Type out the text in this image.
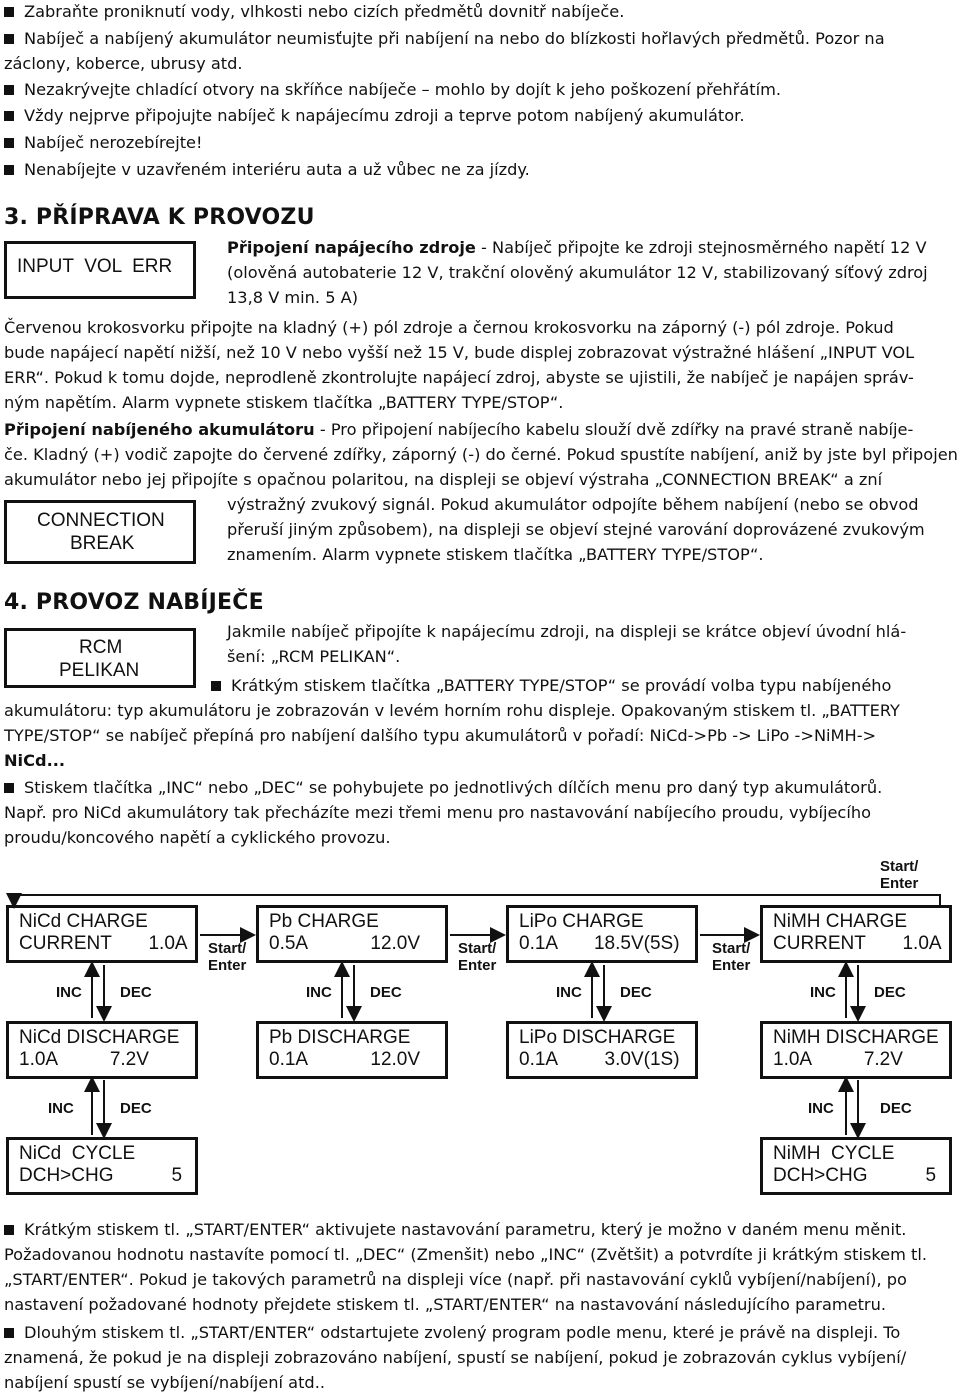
Zabraňte proniknutí vody, vlhkosti nebo cizích předmětů dovnitř nabíječe.
Nabíječ a nabíjený akumulátor neumisťujte při nabíjení na nebo do blízkosti hořlavých předmětů. Pozor na
záclony, koberce, ubrusy atd.
Nezakrývejte chladící otvory na skříňce nabíječe – mohlo by dojít k jeho poškození přehřátím.
Vždy nejprve připojujte nabíječ k napájecímu zdroji a teprve potom nabíjený akumulátor.
Nabíječ nerozebírejte!
Nenabíjejte v uzavřeném interiéru auta a už vůbec ne za jízdy.
3. PŘÍPRAVA K PROVOZU
INPUT  VOL  ERR
Připojení napájecího zdroje - Nabíječ připojte ke zdroji stejnosměrného napětí 12 V
(olověná autobaterie 12 V, trakční olověný akumulátor 12 V, stabilizovaný síťový zdroj
13,8 V min. 5 A)
Červenou krokosvorku připojte na kladný (+) pól zdroje a černou krokosvorku na záporný (-) pól zdroje. Pokud
bude napájecí napětí nižší, než 10 V nebo vyšší než 15 V, bude displej zobrazovat výstražné hlášení „INPUT VOL
ERR“. Pokud k tomu dojde, neprodleně zkontrolujte napájecí zdroj, abyste se ujistili, že nabíječ je napájen správ-
ným napětím. Alarm vypnete stiskem tlačítka „BATTERY TYPE/STOP“.
Připojení nabíjeného akumulátoru - Pro připojení nabíjecího kabelu slouží dvě zdířky na pravé straně nabíje-
če. Kladný (+) vodič zapojte do červené zdířky, záporný (-) do černé. Pokud spustíte nabíjení, aniž by jste byl připojen
akumulátor nebo jej připojíte s opačnou polaritou, na displeji se objeví výstraha „CONNECTION BREAK“ a zní
výstražný zvukový signál. Pokud akumulátor odpojíte během nabíjení (nebo se obvod
přeruší jiným způsobem), na displeji se objeví stejné varování doprovázené zvukovým
znamením. Alarm vypnete stiskem tlačítka „BATTERY TYPE/STOP“.
CONNECTION
BREAK
4. PROVOZ NABÍJEČE
RCM
PELIKAN
Jakmile nabíječ připojíte k napájecímu zdroji, na displeji se krátce objeví úvodní hlá-
šení: „RCM PELIKAN“.
Krátkým stiskem tlačítka „BATTERY TYPE/STOP“ se provádí volba typu nabíjeného
akumulátoru: typ akumulátoru je zobrazován v levém horním rohu displeje. Opakovaným stiskem tl. „BATTERY
TYPE/STOP“ se nabíječ přepíná pro nabíjení dalšího typu akumulátorů v pořadí: NiCd->Pb -> LiPo ->NiMH->
NiCd...
Stiskem tlačítka „INC“ nebo „DEC“ se pohybujete po jednotlivých dílčích menu pro daný typ akumulátorů.
Např. pro NiCd akumulátory tak přecházíte mezi třemi menu pro nastavování nabíjecího proudu, vybíjecího
proudu/koncového napětí a cyklického provozu.
Start/
Enter
NiCd CHARGE
CURRENT       1.0A Start/
Enter
Pb CHARGE
0.5A            12.0V	Start/
Enter
LiPo CHARGE
0.1A       18.5V(5S) Start/
Enter
NiMH CHARGE
CURRENT       1.0A
INC	DEC	INC	DEC	INC	DEC	INC	DEC
NiCd DISCHARGE
1.0A          7.2V
Pb DISCHARGE
0.1A            12.0V
LiPo DISCHARGE
0.1A         3.0V(1S)
NiMH DISCHARGE
1.0A          7.2V
INC	DEC	INC	DEC
NiCd  CYCLE
DCH>CHG           5
NiMH  CYCLE
DCH>CHG           5
Krátkým stiskem tl. „START/ENTER“ aktivujete nastavování parametru, který je možno v daném menu měnit.
Požadovanou hodnotu nastavíte pomocí tl. „DEC“ (Zmenšit) nebo „INC“ (Zvětšit) a potvrdíte ji krátkým stiskem tl.
„START/ENTER“. Pokud je takových parametrů na displeji více (např. při nastavování cyklů vybíjení/nabíjení), po
nastavení požadované hodnoty přejdete stiskem tl. „START/ENTER“ na nastavování následujícího parametru.
Dlouhým stiskem tl. „START/ENTER“ odstartujete zvolený program podle menu, které je právě na displeji. To
znamená, že pokud je na displeji zobrazováno nabíjení, spustí se nabíjení, pokud je zobrazován cyklus vybíjení/
nabíjení spustí se vybíjení/nabíjení atd..
